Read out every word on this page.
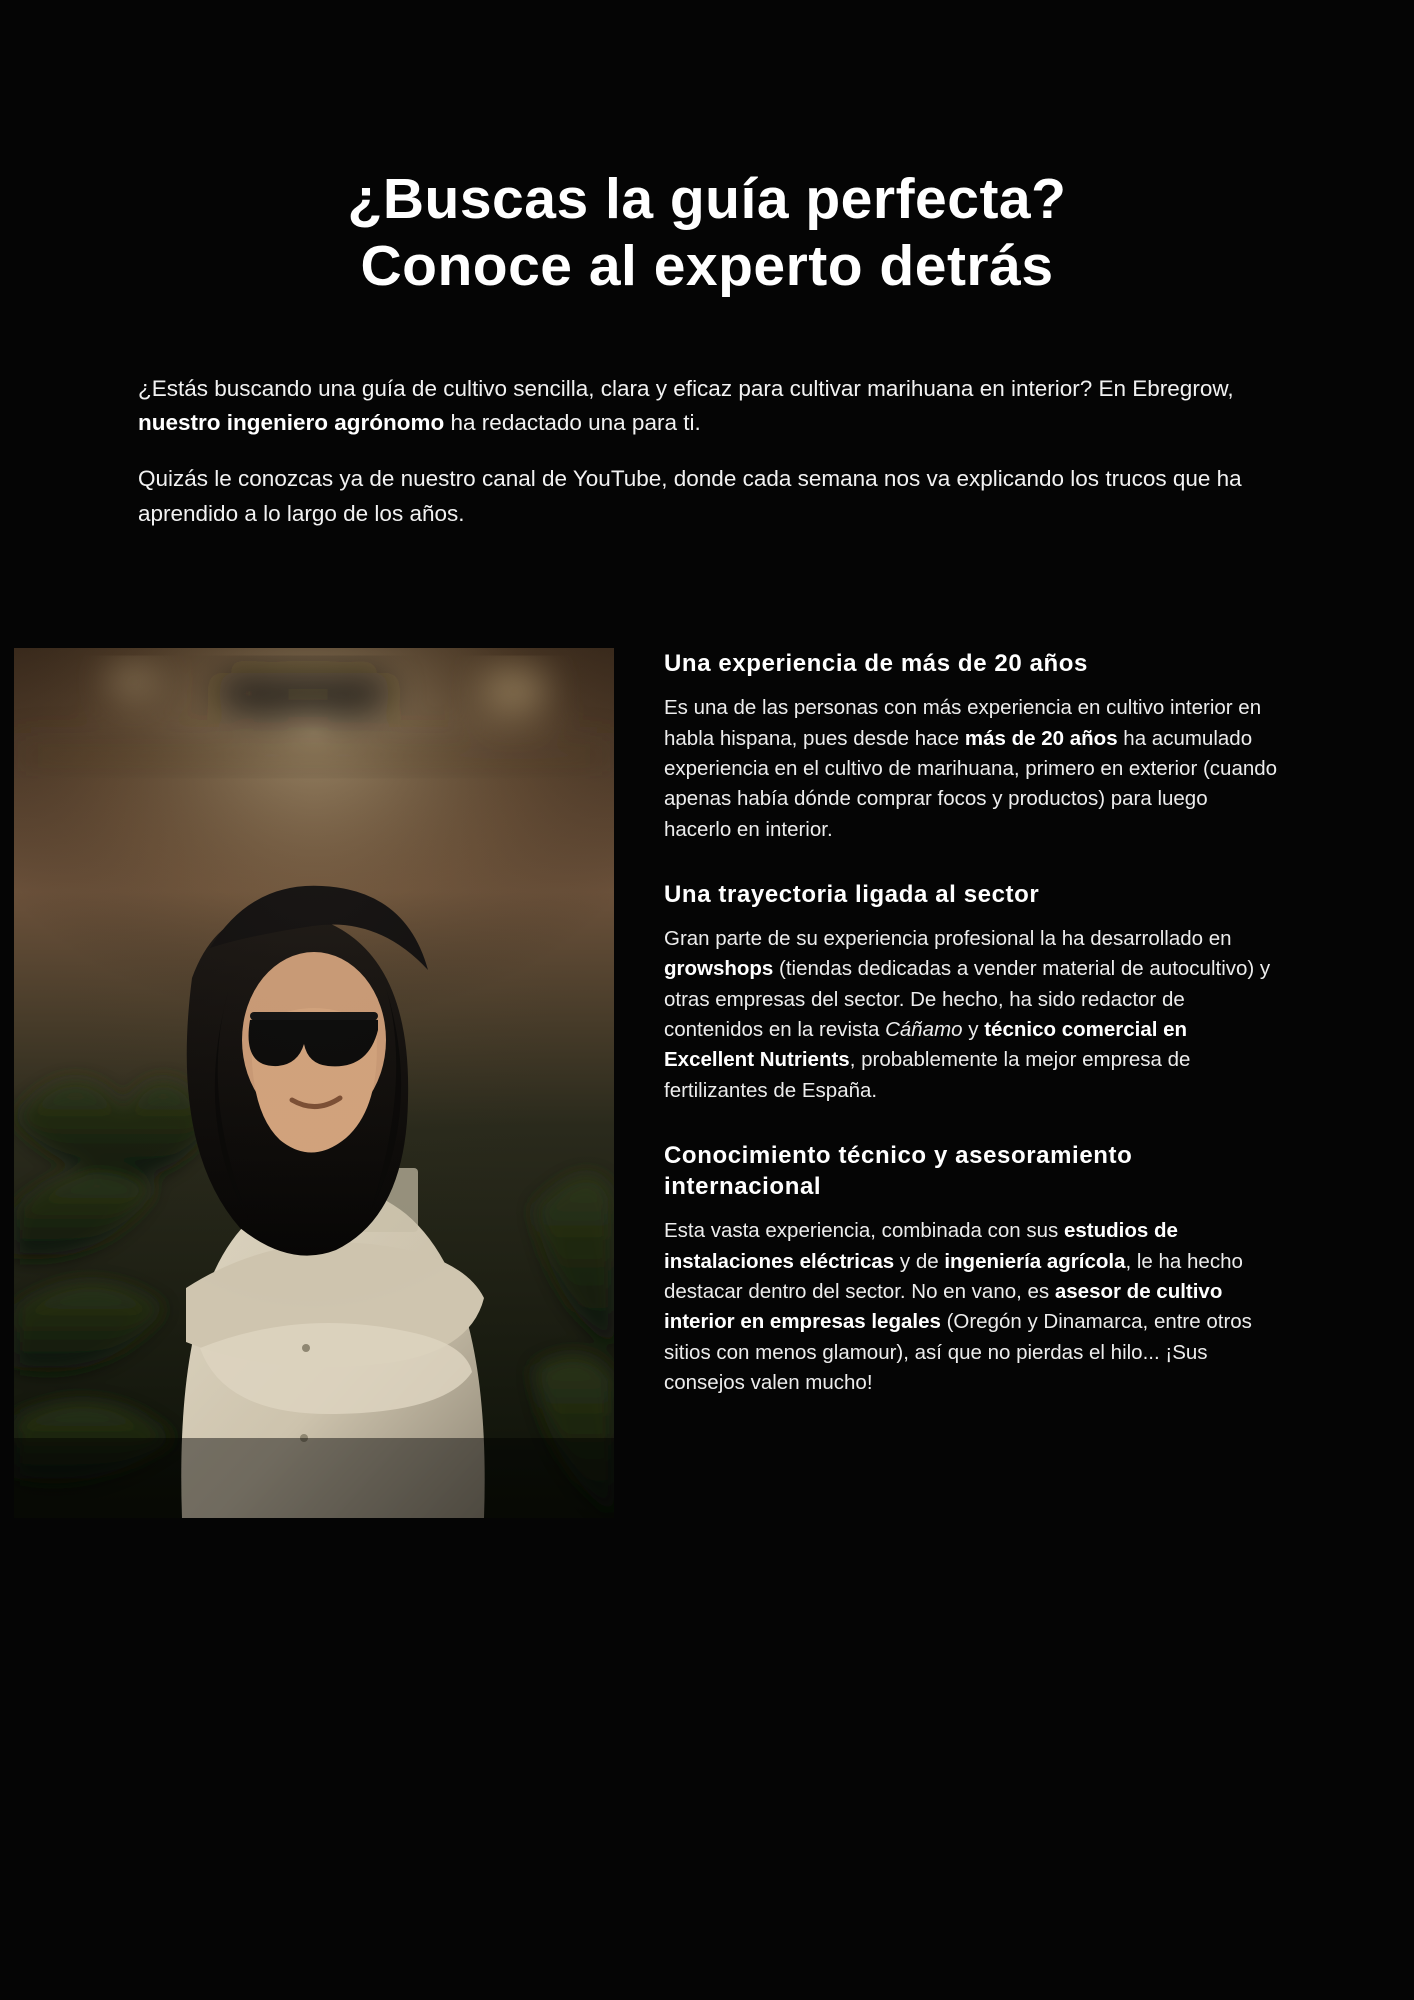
¿Buscas la guía perfecta?
Conoce al experto detrás

¿Estás buscando una guía de cultivo sencilla, clara y eficaz para cultivar marihuana en interior? En Ebregrow, nuestro ingeniero agrónomo ha redactado una para ti.

Quizás le conozcas ya de nuestro canal de YouTube, donde cada semana nos va explicando los trucos que ha aprendido a lo largo de los años.

Una experiencia de más de 20 años

Es una de las personas con más experiencia en cultivo interior en habla hispana, pues desde hace más de 20 años ha acumulado experiencia en el cultivo de marihuana, primero en exterior (cuando apenas había dónde comprar focos y productos) para luego hacerlo en interior.

Una trayectoria ligada al sector

Gran parte de su experiencia profesional la ha desarrollado en growshops (tiendas dedicadas a vender material de autocultivo) y otras empresas del sector. De hecho, ha sido redactor de contenidos en la revista Cáñamo y técnico comercial en Excellent Nutrients, probablemente la mejor empresa de fertilizantes de España.

Conocimiento técnico y asesoramiento internacional

Esta vasta experiencia, combinada con sus estudios de instalaciones eléctricas y de ingeniería agrícola, le ha hecho destacar dentro del sector. No en vano, es asesor de cultivo interior en empresas legales (Oregón y Dinamarca, entre otros sitios con menos glamour), así que no pierdas el hilo... ¡Sus consejos valen mucho!
